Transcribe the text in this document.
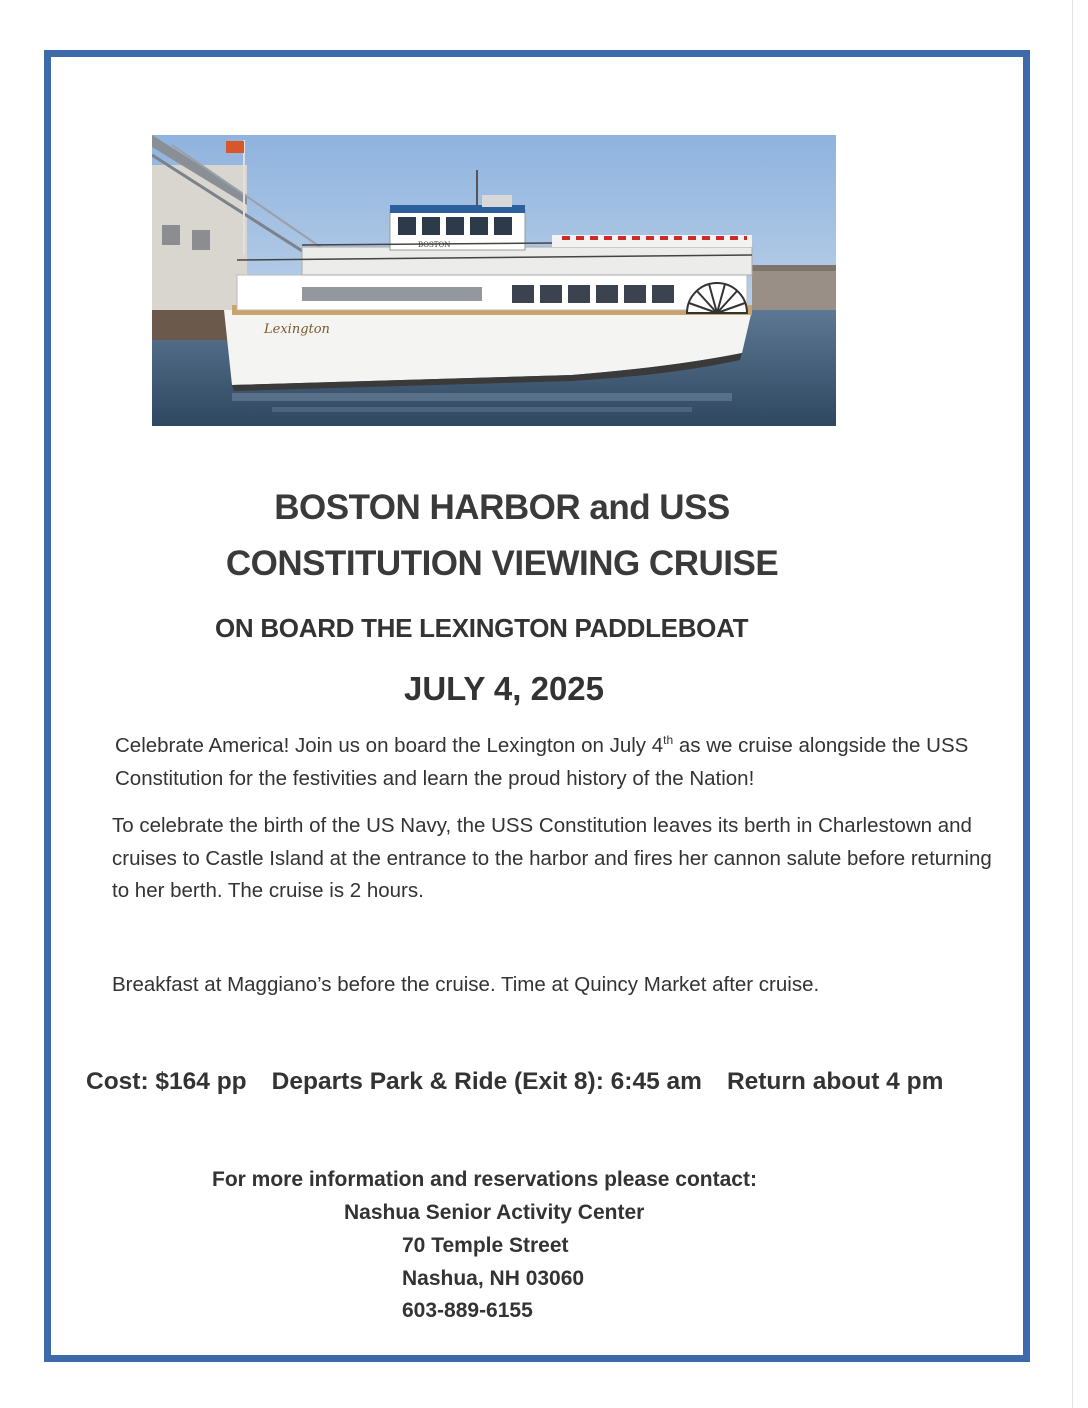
Lexington
BOSTON
BOSTON HARBOR and USS
CONSTITUTION VIEWING CRUISE
ON BOARD THE LEXINGTON PADDLEBOAT
JULY 4, 2025
Celebrate America! Join us on board the Lexington on July 4th as we cruise alongside the USS Constitution for the festivities and learn the proud history of the Nation!
To celebrate the birth of the US Navy, the USS Constitution leaves its berth in Charlestown and cruises to Castle Island at the entrance to the harbor and fires her cannon salute before returning to her berth. The cruise is 2 hours.
Breakfast at Maggiano’s before the cruise. Time at Quincy Market after cruise.
Cost: $164 pp Departs Park & Ride (Exit 8): 6:45 am Return about 4 pm
For more information and reservations please contact:
Nashua Senior Activity Center
70 Temple Street
Nashua, NH 03060
603-889-6155
